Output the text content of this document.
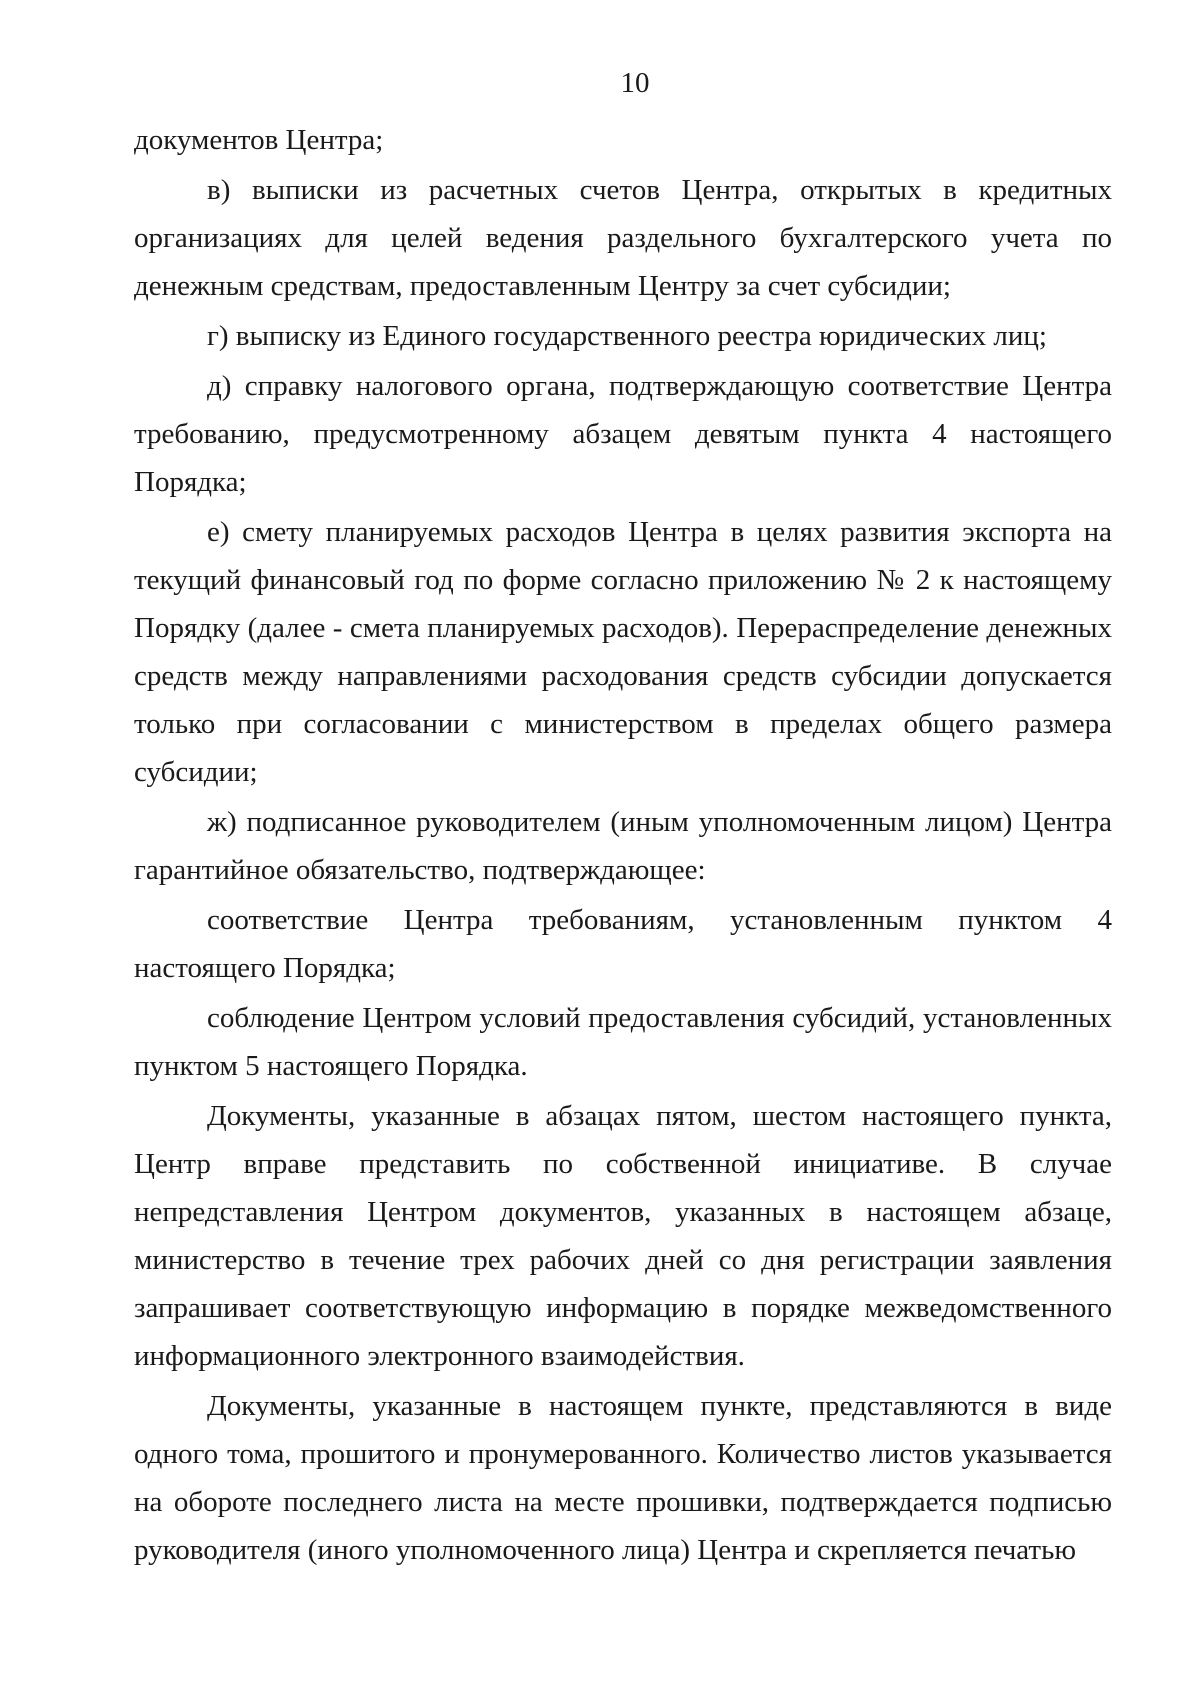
10

документов Центра;

в) выписки из расчетных счетов Центра, открытых в кредитных организациях для целей ведения раздельного бухгалтерского учета по денежным средствам, предоставленным Центру за счет субсидии;

г) выписку из Единого государственного реестра юридических лиц;

д) справку налогового органа, подтверждающую соответствие Центра требованию, предусмотренному абзацем девятым пункта 4 настоящего Порядка;

е) смету планируемых расходов Центра в целях развития экспорта на текущий финансовый год по форме согласно приложению № 2 к настоящему Порядку (далее - смета планируемых расходов). Перераспределение денежных средств между направлениями расходования средств субсидии допускается только при согласовании с министерством в пределах общего размера субсидии;

ж) подписанное руководителем (иным уполномоченным лицом) Центра гарантийное обязательство, подтверждающее:

соответствие Центра требованиям, установленным пунктом 4 настоящего Порядка;

соблюдение Центром условий предоставления субсидий, установленных пунктом 5 настоящего Порядка.

Документы, указанные в абзацах пятом, шестом настоящего пункта, Центр вправе представить по собственной инициативе. В случае непредставления Центром документов, указанных в настоящем абзаце, министерство в течение трех рабочих дней со дня регистрации заявления запрашивает соответствующую информацию в порядке межведомственного информационного электронного взаимодействия.

Документы, указанные в настоящем пункте, представляются в виде одного тома, прошитого и пронумерованного. Количество листов указывается на обороте последнего листа на месте прошивки, подтверждается подписью руководителя (иного уполномоченного лица) Центра и скрепляется печатью
